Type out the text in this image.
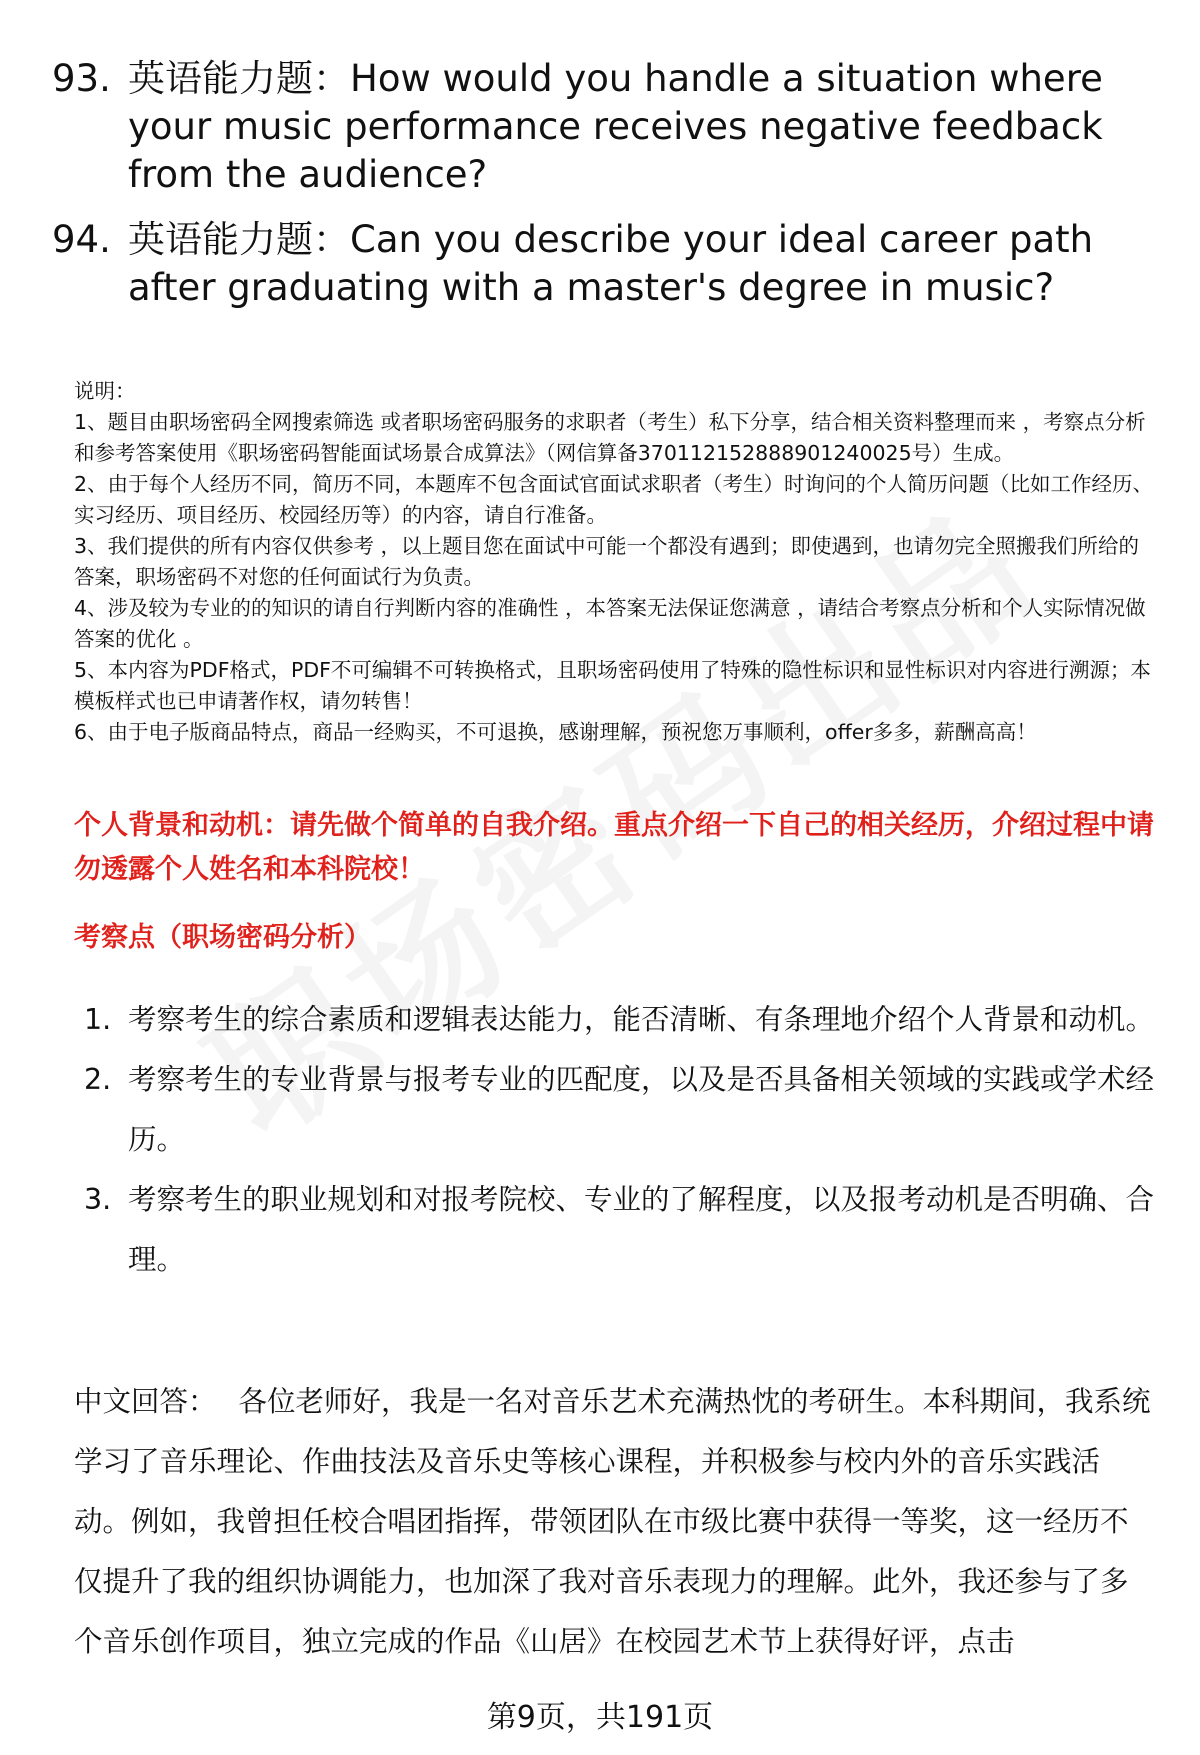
93. 英语能力题：How would you handle a situation where your music performance receives negative feedback from the audience?
94. 英语能力题：Can you describe your ideal career path after graduating with a master's degree in music?

说明：

1、题目由职场密码全网搜索筛选 或者职场密码服务的求职者（考生）私下分享，结合相关资料整理而来 ，考察点分析和参考答案使用《职场密码智能面试场景合成算法》（网信算备370112152888901240025号）生成。

2、由于每个人经历不同，简历不同，本题库不包含面试官面试求职者（考生）时询问的个人简历问题（比如工作经历、实习经历、项目经历、校园经历等）的内容，请自行准备。

3、我们提供的所有内容仅供参考 ，以上题目您在面试中可能一个都没有遇到；即使遇到，也请勿完全照搬我们所给的答案，职场密码不对您的任何面试行为负责。

4、涉及较为专业的的知识的请自行判断内容的准确性 ，本答案无法保证您满意 ，请结合考察点分析和个人实际情况做答案的优化 。

5、本内容为PDF格式，PDF不可编辑不可转换格式，且职场密码使用了特殊的隐性标识和显性标识对内容进行溯源；本模板样式也已申请著作权，请勿转售！

6、由于电子版商品特点，商品一经购买，不可退换，感谢理解，预祝您万事顺利，offer多多，薪酬高高！

个人背景和动机：请先做个简单的自我介绍。重点介绍一下自己的相关经历，介绍过程中请勿透露个人姓名和本科院校！
考察点（职场密码分析）
1. 考察考生的综合素质和逻辑表达能力，能否清晰、有条理地介绍个人背景和动机。
2. 考察考生的专业背景与报考专业的匹配度，以及是否具备相关领域的实践或学术经历。
3. 考察考生的职业规划和对报考院校、专业的了解程度，以及报考动机是否明确、合理。
中文回答： 各位老师好，我是一名对音乐艺术充满热忱的考研生。本科期间，我系统学习了音乐理论、作曲技法及音乐史等核心课程，并积极参与校内外的音乐实践活动。例如，我曾担任校合唱团指挥，带领团队在市级比赛中获得一等奖，这一经历不仅提升了我的组织协调能力，也加深了我对音乐表现力的理解。此外，我还参与了多个音乐创作项目，独立完成的作品《山居》在校园艺术节上获得好评，点击
第9页，共191页
